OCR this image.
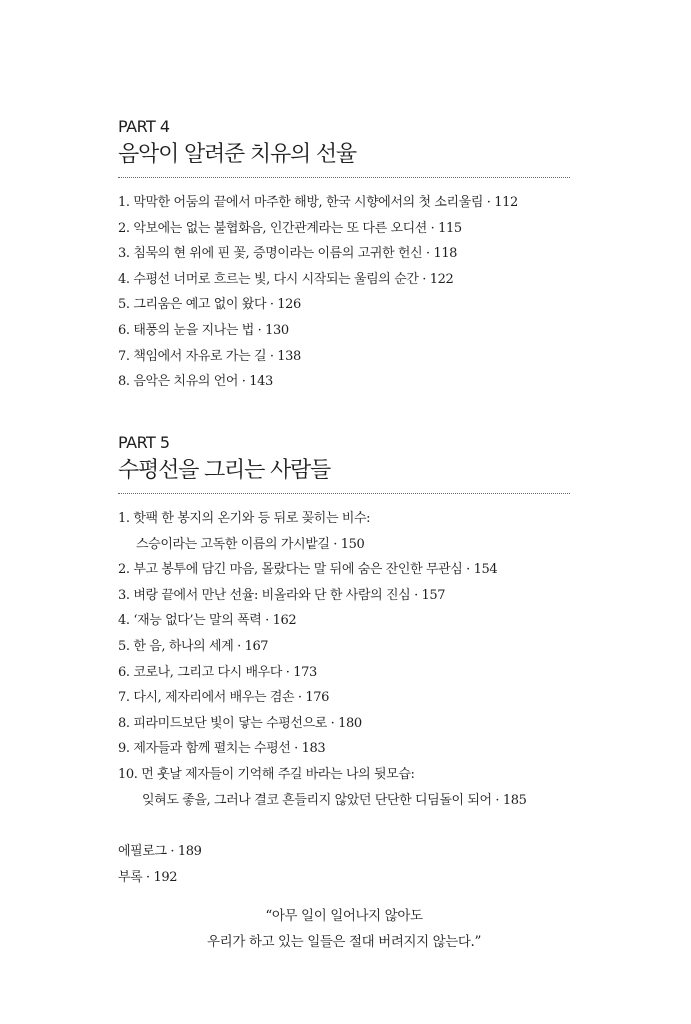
PART 4
음악이 알려준 치유의 선율
1. 막막한 어둠의 끝에서 마주한 해방, 한국 시향에서의 첫 소리울림 · 112
2. 악보에는 없는 불협화음, 인간관계라는 또 다른 오디션 · 115
3. 침묵의 현 위에 핀 꽃, 증명이라는 이름의 고귀한 헌신 · 118
4. 수평선 너머로 흐르는 빛, 다시 시작되는 울림의 순간 · 122
5. 그리움은 예고 없이 왔다 · 126
6. 태풍의 눈을 지나는 법 · 130
7. 책임에서 자유로 가는 길 · 138
8. 음악은 치유의 언어 · 143
PART 5
수평선을 그리는 사람들
1. 핫팩 한 봉지의 온기와 등 뒤로 꽂히는 비수:
스승이라는 고독한 이름의 가시밭길 · 150
2. 부고 봉투에 담긴 마음, 몰랐다는 말 뒤에 숨은 잔인한 무관심 · 154
3. 벼랑 끝에서 만난 선율: 비올라와 단 한 사람의 진심 · 157
4. ‘재능 없다’는 말의 폭력 · 162
5. 한 음, 하나의 세계 · 167
6. 코로나, 그리고 다시 배우다 · 173
7. 다시, 제자리에서 배우는 겸손 · 176
8. 피라미드보단 빛이 닿는 수평선으로 · 180
9. 제자들과 함께 펼치는 수평선 · 183
10. 먼 훗날 제자들이 기억해 주길 바라는 나의 뒷모습:
잊혀도 좋을, 그러나 결코 흔들리지 않았던 단단한 디딤돌이 되어 · 185
에필로그 · 189
부록 · 192
“아무 일이 일어나지 않아도
우리가 하고 있는 일들은 절대 버려지지 않는다.”
